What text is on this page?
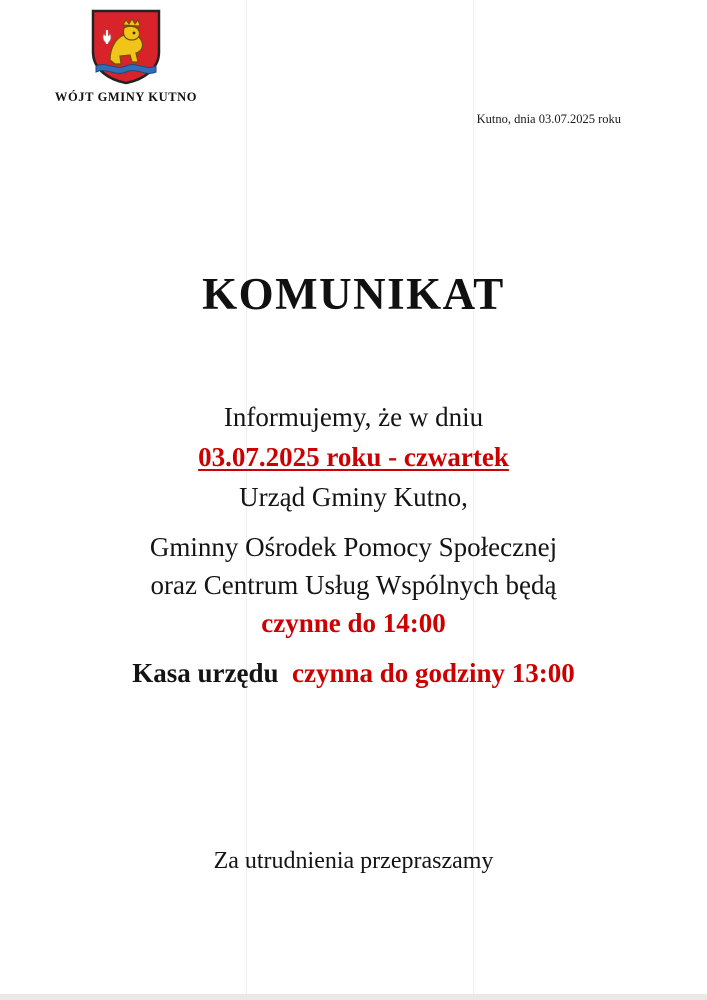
WÓJT GMINY KUTNO
Kutno, dnia 03.07.2025 roku
KOMUNIKAT

Informujemy, że w dniu

03.07.2025 roku - czwartek

Urząd Gminy Kutno,

Gminny Ośrodek Pomocy Społecznej

oraz Centrum Usług Wspólnych będą

czynne do 14:00

Kasa urzędu czynna do godziny 13:00

Za utrudnienia przepraszamy
